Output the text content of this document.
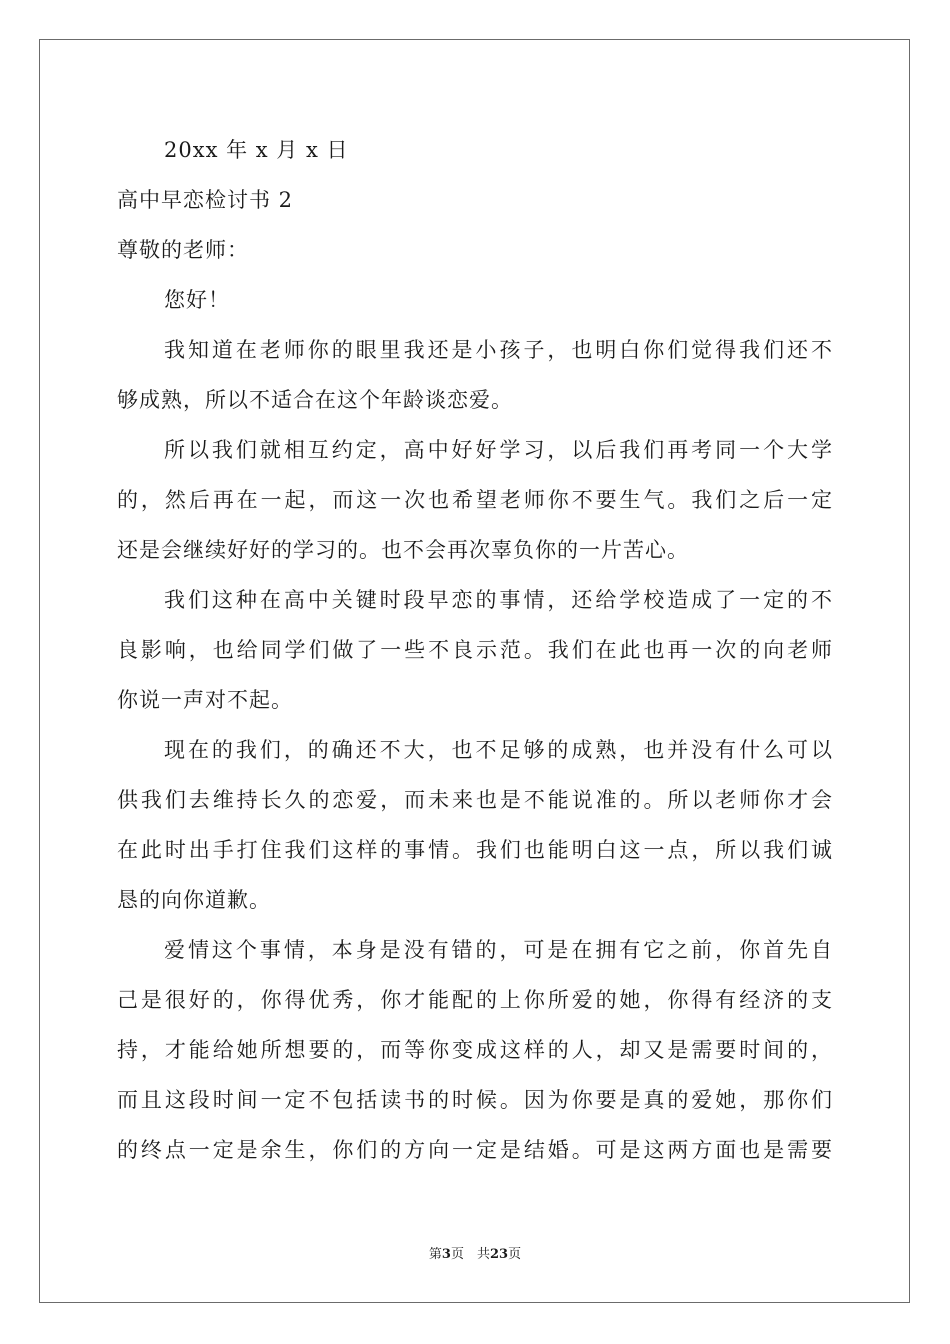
20xx 年 x 月 x 日
高中早恋检讨书 2
尊敬的老师：
您好！
我知道在老师你的眼里我还是小孩子，也明白你们觉得我们还不
够成熟，所以不适合在这个年龄谈恋爱。
所以我们就相互约定，高中好好学习，以后我们再考同一个大学
的，然后再在一起，而这一次也希望老师你不要生气。我们之后一定
还是会继续好好的学习的。也不会再次辜负你的一片苦心。
我们这种在高中关键时段早恋的事情，还给学校造成了一定的不
良影响，也给同学们做了一些不良示范。我们在此也再一次的向老师
你说一声对不起。
现在的我们，的确还不大，也不足够的成熟，也并没有什么可以
供我们去维持长久的恋爱，而未来也是不能说准的。所以老师你才会
在此时出手打住我们这样的事情。我们也能明白这一点，所以我们诚
恳的向你道歉。
爱情这个事情，本身是没有错的，可是在拥有它之前，你首先自
己是很好的，你得优秀，你才能配的上你所爱的她，你得有经济的支
持，才能给她所想要的，而等你变成这样的人，却又是需要时间的，
而且这段时间一定不包括读书的时候。因为你要是真的爱她，那你们
的终点一定是余生，你们的方向一定是结婚。可是这两方面也是需要
第3页　共23页
